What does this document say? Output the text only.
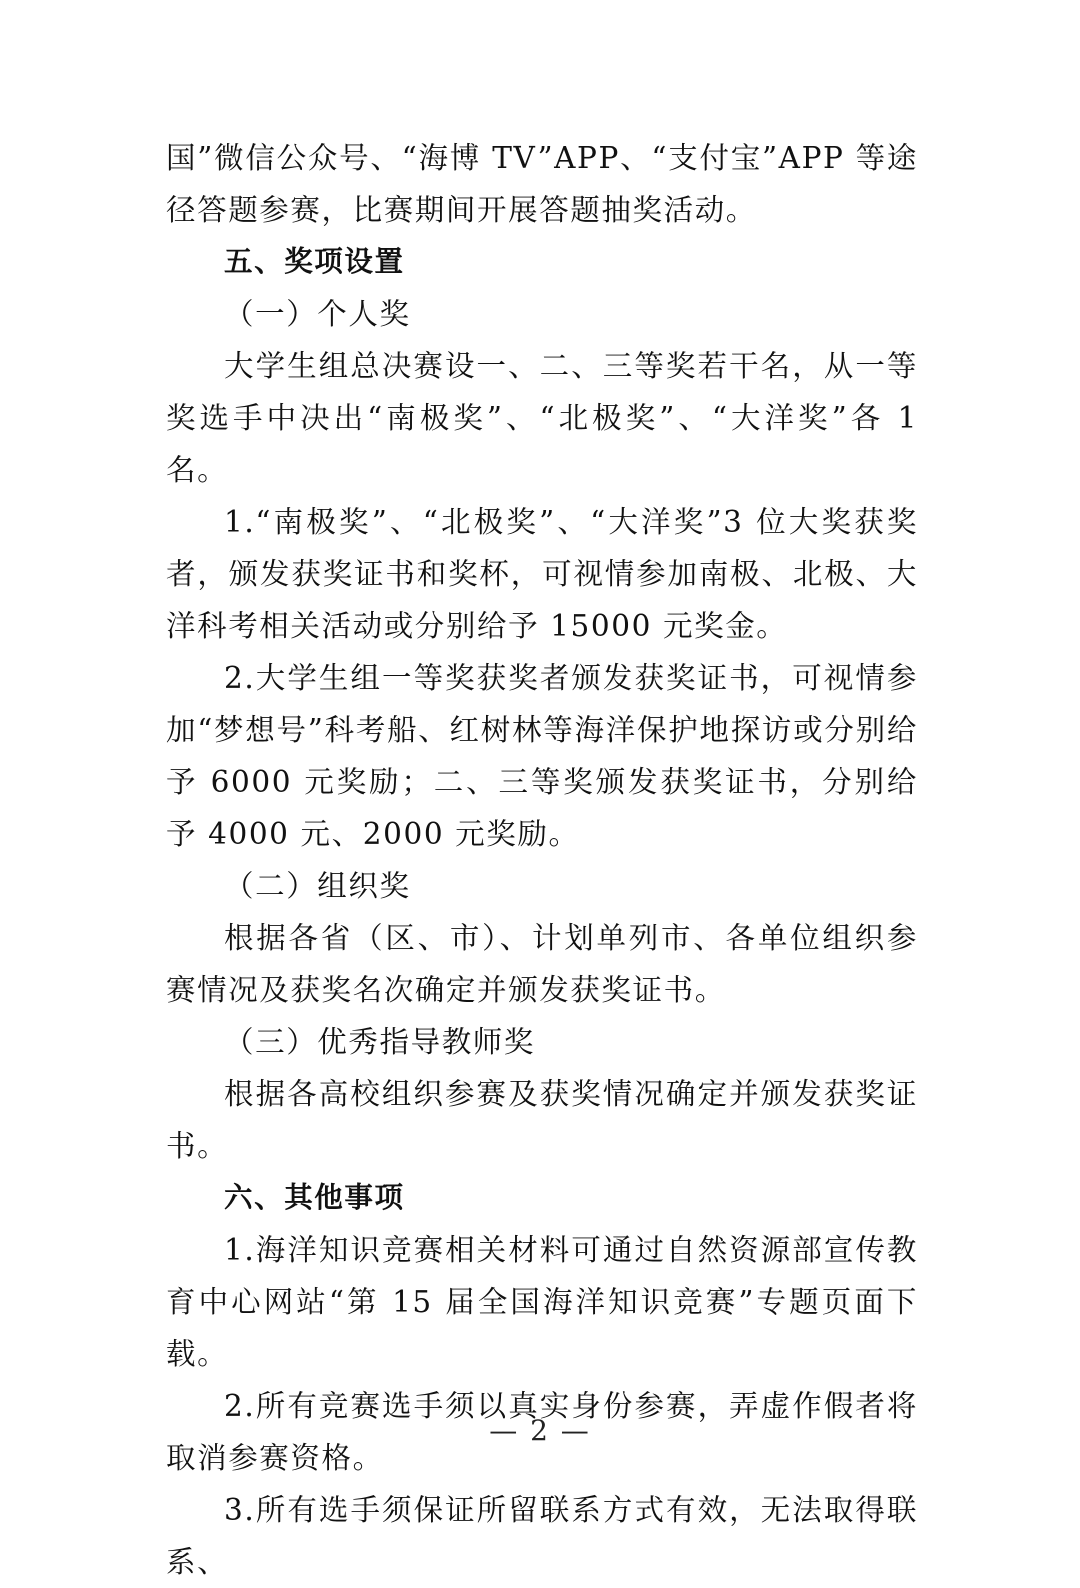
国”微信公众号、“海博 TV”APP、“支付宝”APP 等途径答题参赛，比赛期间开展答题抽奖活动。

五、奖项设置

（一）个人奖

大学生组总决赛设一、二、三等奖若干名，从一等奖选手中决出“南极奖”、“北极奖”、“大洋奖”各 1 名。

1.“南极奖”、“北极奖”、“大洋奖”3 位大奖获奖者，颁发获奖证书和奖杯，可视情参加南极、北极、大洋科考相关活动或分别给予 15000 元奖金。

2.大学生组一等奖获奖者颁发获奖证书，可视情参加“梦想号”科考船、红树林等海洋保护地探访或分别给予 6000 元奖励；二、三等奖颁发获奖证书，分别给予 4000 元、2000 元奖励。

（二）组织奖

根据各省（区、市）、计划单列市、各单位组织参赛情况及获奖名次确定并颁发获奖证书。

（三）优秀指导教师奖

根据各高校组织参赛及获奖情况确定并颁发获奖证书。

六、其他事项

1.海洋知识竞赛相关材料可通过自然资源部宣传教育中心网站“第 15 届全国海洋知识竞赛”专题页面下载。

2.所有竞赛选手须以真实身份参赛，弄虚作假者将取消参赛资格。

3.所有选手须保证所留联系方式有效，无法取得联系、

— 2 —
